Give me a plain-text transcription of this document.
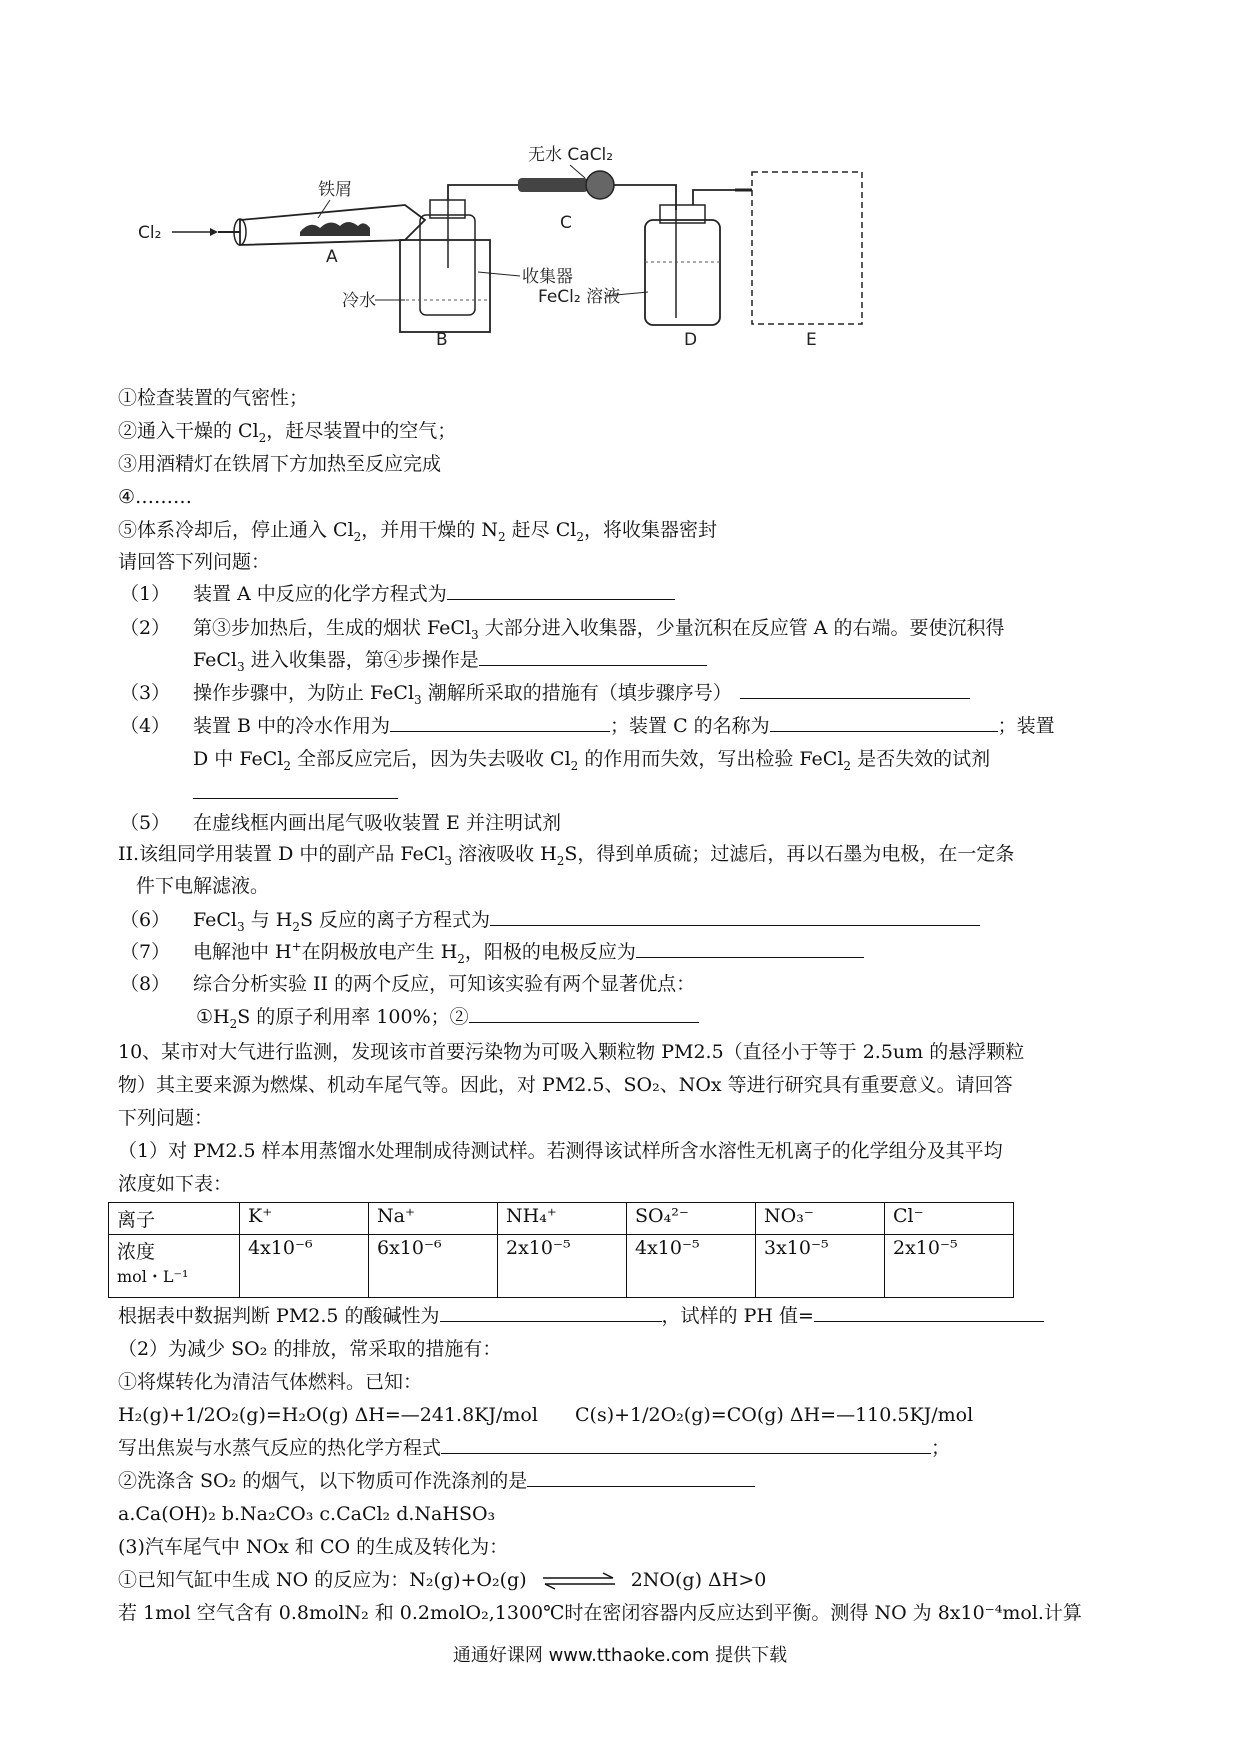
Cl₂
铁屑
A
收集器
冷水
B
无水 CaCl₂
C
FeCl₂ 溶液
D	E
①检查装置的气密性；
②通入干燥的 $Cl_2$，赶尽装置中的空气；
③用酒精灯在铁屑下方加热至反应完成
④………
⑤体系冷却后，停止通入 $Cl_2$，并用干燥的 $N_2$ 赶尽 $Cl_2$，将收集器密封
请回答下列问题：
（1） 装置 A 中反应的化学方程式为
（2） 第③步加热后，生成的烟状 FeCl$_3$ 大部分进入收集器，少量沉积在反应管 A 的右端。要使沉积得
FeCl$_3$ 进入收集器，第④步操作是
（3） 操作步骤中，为防止 FeCl$_3$ 潮解所采取的措施有（填步骤序号）
（4） 装置 B 中的冷水作用为	；装置 C 的名称为	；装置
D 中 FeCl$_2$ 全部反应完后，因为失去吸收 $Cl_2$ 的作用而失效，写出检验 FeCl$_2$ 是否失效的试剂
（5） 在虚线框内画出尾气吸收装置 E 并注明试剂
II.该组同学用装置 D 中的副产品 FeCl$_3$ 溶液吸收 $H_2S$，得到单质硫；过滤后，再以石墨为电极，在一定条
件下电解滤液。
（6） FeCl$_3$ 与 $H_2S$ 反应的离子方程式为
（7） 电解池中 H+在阴极放电产生 $H_2$，阳极的电极反应为
（8） 综合分析实验 II 的两个反应，可知该实验有两个显著优点：
$①H_2S$ 的原子利用率 100%；②
10、某市对大气进行监测，发现该市首要污染物为可吸入颗粒物 PM2.5（直径小于等于 2.5um 的悬浮颗粒
物）其主要来源为燃煤、机动车尾气等。因此，对 PM2.5、SO₂、NOx 等进行研究具有重要意义。请回答
下列问题：
（1）对 PM2.5 样本用蒸馏水处理制成待测试样。若测得该试样所含水溶性无机离子的化学组分及其平均
浓度如下表：
离子	K⁺	Na⁺	NH₄⁺	SO₄²⁻	NO₃⁻	Cl⁻

浓度
mol・L⁻¹	4x10⁻⁶	6x10⁻⁶	2x10⁻⁵	4x10⁻⁵	3x10⁻⁵	2x10⁻⁵
根据表中数据判断 PM2.5 的酸碱性为	，试样的 PH 值=
（2）为减少 SO₂ 的排放，常采取的措施有：
①将煤转化为清洁气体燃料。已知：
H₂(g)+1/2O₂(g)=H₂O(g) ΔH=—241.8KJ/mol C(s)+1/2O₂(g)=CO(g) ΔH=—110.5KJ/mol
写出焦炭与水蒸气反应的热化学方程式	；
②洗涤含 SO₂ 的烟气，以下物质可作洗涤剂的是
a.Ca(OH)₂ b.Na₂CO₃ c.CaCl₂ d.NaHSO₃
(3)汽车尾气中 NOx 和 CO 的生成及转化为：
①已知气缸中生成 NO 的反应为：N₂(g)+O₂(g) ⇌ 2NO(g) ΔH>0
若 1mol 空气含有 0.8molN₂ 和 0.2molO₂,1300℃时在密闭容器内反应达到平衡。测得 NO 为 8x10⁻⁴mol.计算
通通好课网 www.tthaoke.com 提供下载
